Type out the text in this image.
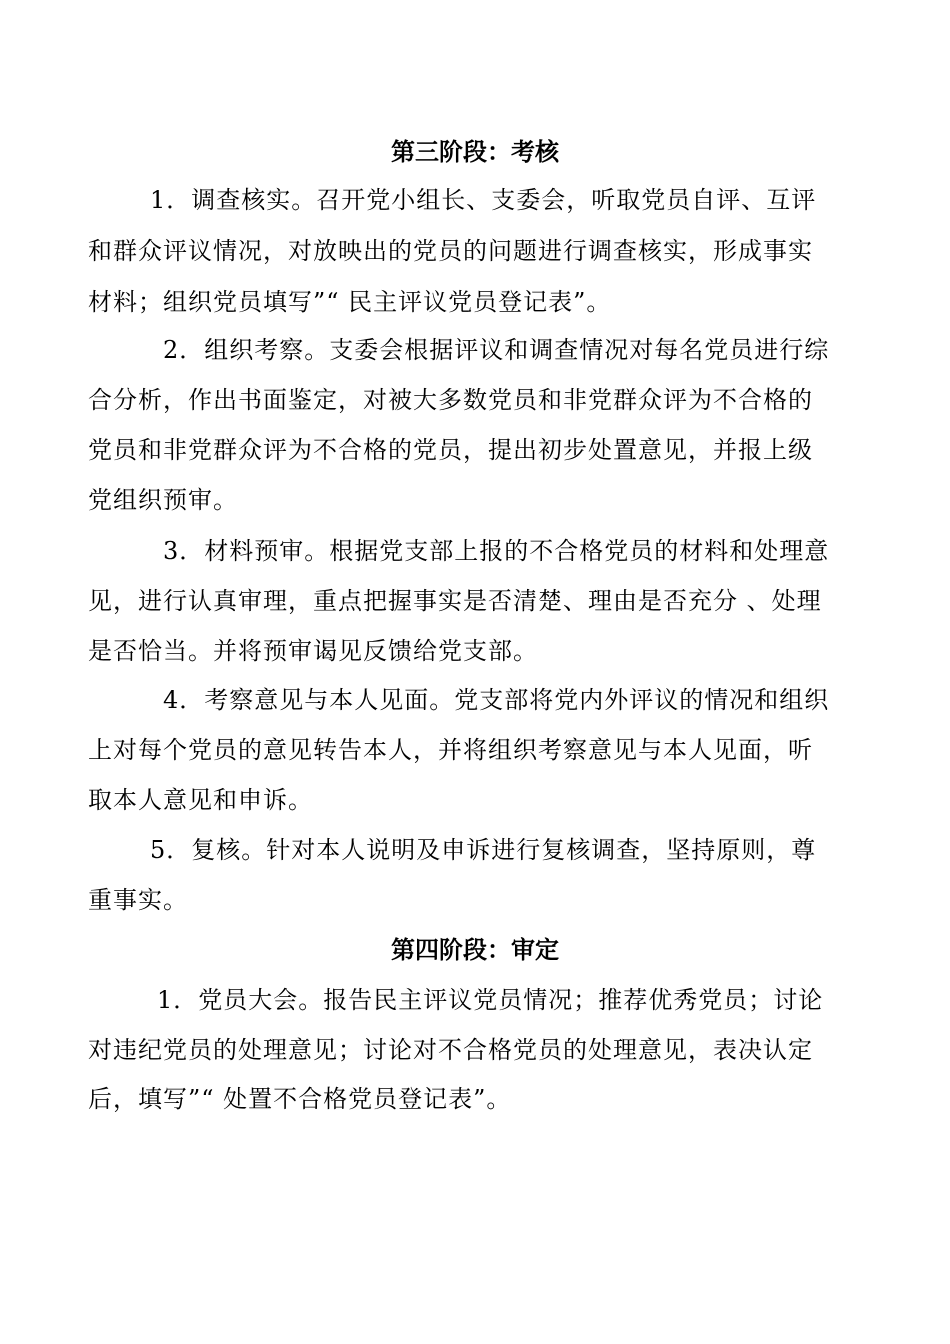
第三阶段：考核
1．调查核实。召开党小组长、支委会，听取党员自评、互评
和群众评议情况，对放映出的党员的问题进行调查核实，形成事实
材料；组织党员填写”“ 民主评议党员登记表”。
2．组织考察。支委会根据评议和调查情况对每名党员进行综
合分析，作出书面鉴定，对被大多数党员和非党群众评为不合格的
党员和非党群众评为不合格的党员，提出初步处置意见，并报上级
党组织预审。
3．材料预审。根据党支部上报的不合格党员的材料和处理意
见，进行认真审理，重点把握事实是否清楚、理由是否充分 、处理
是否恰当。并将预审谒见反馈给党支部。
4．考察意见与本人见面。党支部将党内外评议的情况和组织
上对每个党员的意见转告本人，并将组织考察意见与本人见面，听
取本人意见和申诉。
5．复核。针对本人说明及申诉进行复核调查，坚持原则，尊
重事实。
第四阶段：审定
1．党员大会。报告民主评议党员情况；推荐优秀党员；讨论
对违纪党员的处理意见；讨论对不合格党员的处理意见，表决认定
后，填写”“ 处置不合格党员登记表”。
